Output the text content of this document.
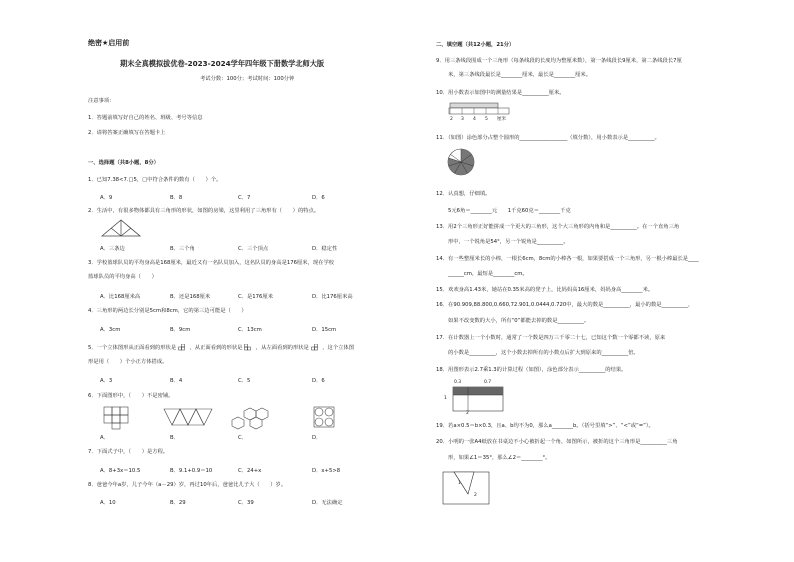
绝密★启用前
期末全真模拟拔优卷-2023-2024学年四年级下册数学北师大版
考试分数：100分；考试时间：100分钟
注意事项：
1．答题前填写好自己的姓名、班级、考号等信息
2．请将答案正确填写在答题卡上
一、选择题（共8小题，8分）
1．已知7.38<7.□5，□中符合条件的数有（　　）个。
A．9	B．8	C．7	D．6
2．生活中，有很多物体都具有三角形的形状，如图的房梁，这里利用了三角形有（　　）的特点。
A．三条边	B．三个角	C．三个顶点	D．稳定性
3．学校篮球队员的平均身高是168厘米，最近又有一名队员加入，这名队员的身高是176厘米，现在学校
篮球队员的平均身高（　　）
A．比168厘米高	B．还是168厘米	C．是176厘米	D．比176厘米高
4．三角形的两边长分别是5cm和8cm，它的第三边可能是（　　）
A．3cm	B．9cm	C．13cm	D．15cm
5．一个立体图形从正面看到的形状是	，从正面看到的形状是	，从左面看到的形状是	，这个立体图
形是用（　　）个小正方体搭成。
A．3	B．4	C．5	D．6
6．下面图形中，（　　）不是密铺。
A．	B．	C．	D．
7．下面式子中，（　　）是方程。
A．8+3x＝10.5	B．9.1+0.9＝10	C．24+x	D．x+5>8
8．爸爸今年a岁，儿子今年（a－29）岁，再过10年后，爸爸比儿子大（　　）岁。
A．10	B．29	C．39	D．无法确定
二、填空题（共12小题，21分）
9．用三条线段围成一个三角形（每条线段的长度均为整厘米数），第一条线段长9厘米，第二条线段长7厘
米，第三条线段最长是________厘米，最长是________厘米。
10．用小数表示如图中的测量结果是__________厘米。
2 3 4 5 厘米
11．（如图）涂色部分占整个圆形的__________________（填分数），用小数表示是__________。
12．认真想，仔细填。
5元6角＝________元　　1千克60克＝________千克
13．用2个三角形正好能拼成一个更大的三角形，这个大三角形的内角和是__________。在一个直角三角
形中，一个锐角是54°，另一个锐角是__________。
14．有一些整厘米长的小棒，一根长6cm，8cm的小棒各一根，如果要搭成一个三角形，另一根小棒最长是____
______cm，最短是________cm。
15．欢欢身高1.43米，她站在0.35米高的凳子上，比妈妈高16厘米，妈妈身高________米。
16．在90.909,88.800,0.660,72.901,0.0444,0.720中，最大的数是__________，最小的数是__________，
如果不改变数的大小，所有“0”都能去掉的数是__________。
17．在计数器上一个小数时，通常了一个数是四万三千零二十七，已知这个数一个零都不读，原来
的小数是__________，这个小数去掉所有的小数点后扩大到原来的__________倍。
18．用图形表示2.7乘1.3的计算过程（如图），涂色部分表示__________的结果。
0.3	0.7
1
2
19．若a×0.5＝b×0.3，且a、b均不为0，那么a________b。（括号里填“>”、“<”或“=”）。
20．小明的一张A4纸放在书桌边不小心被折起一个角，如图所示，被折的这个三角形是__________三角
形，如果∠1＝35°，那么∠2＝________°。
1
2
